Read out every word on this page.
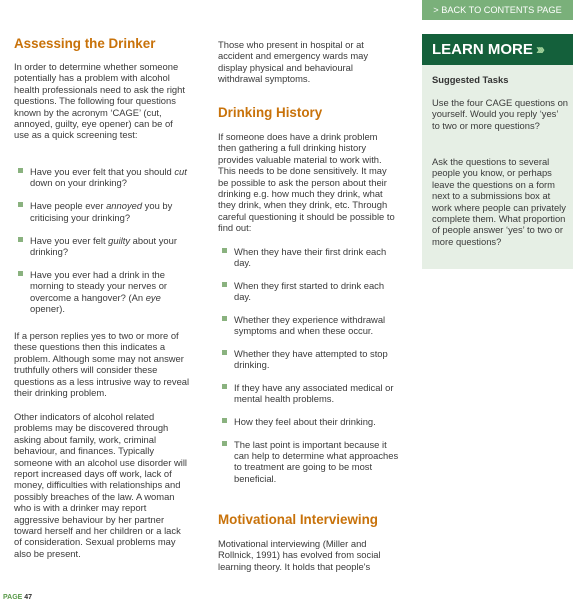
Assessing the Drinker

In order to determine whether someone potentially has a problem with alcohol health professionals need to ask the right questions. The following four questions known by the acronym ‘CAGE’ (cut, annoyed, guilty, eye opener) can be of use as a quick screening test:

Have you ever felt that you should cut down on your drinking?
Have people ever annoyed you by criticising your drinking?
Have you ever felt guilty about your drinking?
Have you ever had a drink in the morning to steady your nerves or overcome a hangover? (An eye opener).

If a person replies yes to two or more of these questions then this indicates a problem. Although some may not answer truthfully others will consider these questions as a less intrusive way to reveal their drinking problem.

Other indicators of alcohol related problems may be discovered through asking about family, work, criminal behaviour, and finances. Typically someone with an alcohol use disorder will report increased days off work, lack of money, difficulties with relationships and possibly breaches of the law. A woman who is with a drinker may report aggressive behaviour by her partner toward herself and her children or a lack of consideration. Sexual problems may also be present.

Those who present in hospital or at accident and emergency wards may display physical and behavioural withdrawal symptoms.

Drinking History

If someone does have a drink problem then gathering a full drinking history provides valuable material to work with. This needs to be done sensitively. It may be possible to ask the person about their drinking e.g. how much they drink, what they drink, when they drink, etc. Through careful questioning it should be possible to find out:

When they have their first drink each day.
When they first started to drink each day.
Whether they experience withdrawal symptoms and when these occur.
Whether they have attempted to stop drinking.
If they have any associated medical or mental health problems.
How they feel about their drinking.
The last point is important because it can help to determine what approaches to treatment are going to be most beneficial.
Motivational Interviewing

Motivational interviewing (Miller and Rollnick, 1991) has evolved from social learning theory. It holds that people's

> BACK TO CONTENTS PAGE
LEARN MORE ›››
Suggested Tasks

Use the four CAGE questions on yourself. Would you reply ‘yes’ to two or more questions?

Ask the questions to several people you know, or perhaps leave the questions on a form next to a submissions box at work where people can privately complete them. What proportion of people answer ‘yes’ to two or more questions?

PAGE 47
